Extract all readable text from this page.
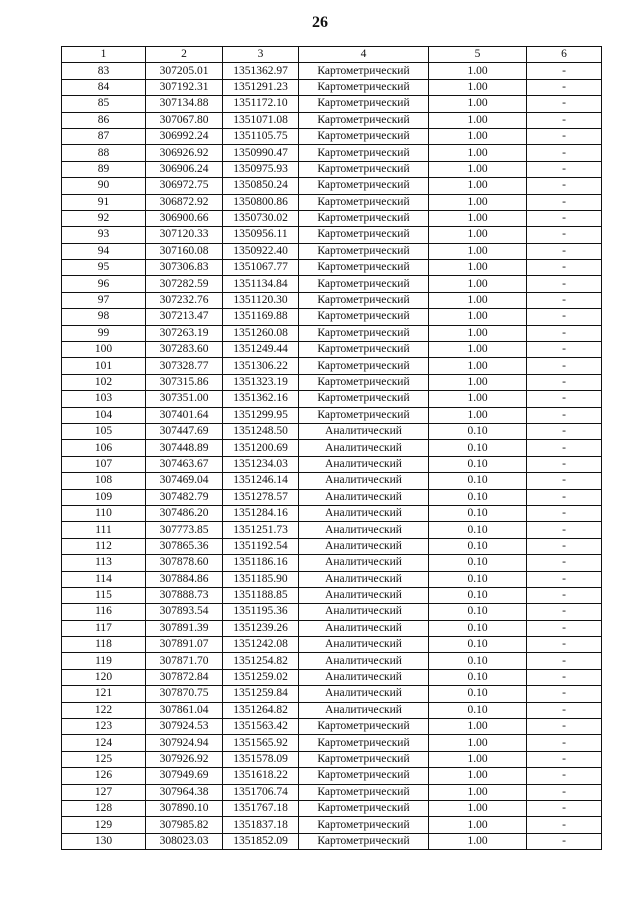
26
1	2	3	4	5	6
83	307205.01	1351362.97	Картометрический	1.00	-
84	307192.31	1351291.23	Картометрический	1.00	-
85	307134.88	1351172.10	Картометрический	1.00	-
86	307067.80	1351071.08	Картометрический	1.00	-
87	306992.24	1351105.75	Картометрический	1.00	-
88	306926.92	1350990.47	Картометрический	1.00	-
89	306906.24	1350975.93	Картометрический	1.00	-
90	306972.75	1350850.24	Картометрический	1.00	-
91	306872.92	1350800.86	Картометрический	1.00	-
92	306900.66	1350730.02	Картометрический	1.00	-
93	307120.33	1350956.11	Картометрический	1.00	-
94	307160.08	1350922.40	Картометрический	1.00	-
95	307306.83	1351067.77	Картометрический	1.00	-
96	307282.59	1351134.84	Картометрический	1.00	-
97	307232.76	1351120.30	Картометрический	1.00	-
98	307213.47	1351169.88	Картометрический	1.00	-
99	307263.19	1351260.08	Картометрический	1.00	-
100	307283.60	1351249.44	Картометрический	1.00	-
101	307328.77	1351306.22	Картометрический	1.00	-
102	307315.86	1351323.19	Картометрический	1.00	-
103	307351.00	1351362.16	Картометрический	1.00	-
104	307401.64	1351299.95	Картометрический	1.00	-
105	307447.69	1351248.50	Аналитический	0.10	-
106	307448.89	1351200.69	Аналитический	0.10	-
107	307463.67	1351234.03	Аналитический	0.10	-
108	307469.04	1351246.14	Аналитический	0.10	-
109	307482.79	1351278.57	Аналитический	0.10	-
110	307486.20	1351284.16	Аналитический	0.10	-
111	307773.85	1351251.73	Аналитический	0.10	-
112	307865.36	1351192.54	Аналитический	0.10	-
113	307878.60	1351186.16	Аналитический	0.10	-
114	307884.86	1351185.90	Аналитический	0.10	-
115	307888.73	1351188.85	Аналитический	0.10	-
116	307893.54	1351195.36	Аналитический	0.10	-
117	307891.39	1351239.26	Аналитический	0.10	-
118	307891.07	1351242.08	Аналитический	0.10	-
119	307871.70	1351254.82	Аналитический	0.10	-
120	307872.84	1351259.02	Аналитический	0.10	-
121	307870.75	1351259.84	Аналитический	0.10	-
122	307861.04	1351264.82	Аналитический	0.10	-
123	307924.53	1351563.42	Картометрический	1.00	-
124	307924.94	1351565.92	Картометрический	1.00	-
125	307926.92	1351578.09	Картометрический	1.00	-
126	307949.69	1351618.22	Картометрический	1.00	-
127	307964.38	1351706.74	Картометрический	1.00	-
128	307890.10	1351767.18	Картометрический	1.00	-
129	307985.82	1351837.18	Картометрический	1.00	-
130	308023.03	1351852.09	Картометрический	1.00	-
